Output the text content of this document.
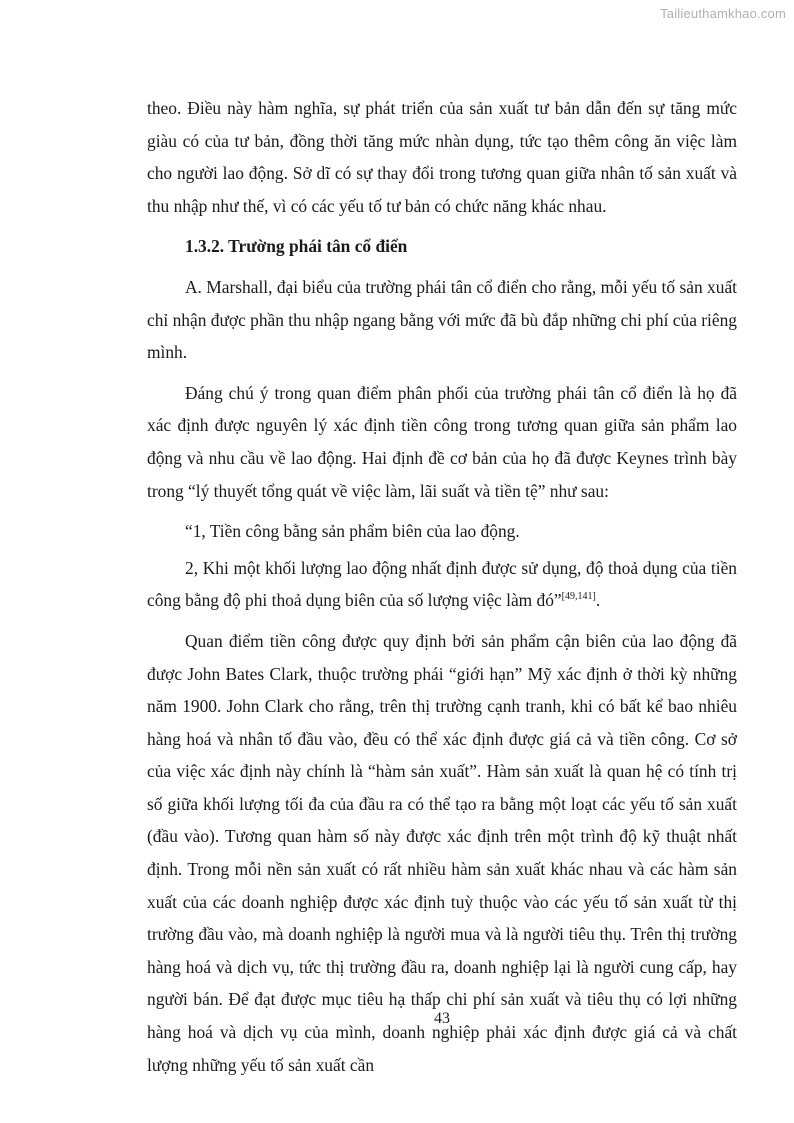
Tailieuthamkhao.com

theo. Điều này hàm nghĩa, sự phát triển của sản xuất tư bản dẫn đến sự tăng mức giàu có của tư bản, đồng thời tăng mức nhàn dụng, tức tạo thêm công ăn việc làm cho người lao động. Sở dĩ có sự thay đổi trong tương quan giữa nhân tố sản xuất và thu nhập như thế, vì có các yếu tố tư bản có chức năng khác nhau.

1.3.2. Trường phái tân cổ điển

A. Marshall, đại biểu của trường phái tân cổ điển cho rằng, mỗi yếu tố sản xuất chỉ nhận được phần thu nhập ngang bằng với mức đã bù đắp những chi phí của riêng mình.

Đáng chú ý trong quan điểm phân phối của trường phái tân cổ điển là họ đã xác định được nguyên lý xác định tiền công trong tương quan giữa sản phẩm lao động và nhu cầu về lao động. Hai định đề cơ bản của họ đã được Keynes trình bày trong “lý thuyết tổng quát về việc làm, lãi suất và tiền tệ” như sau:

“1, Tiền công bằng sản phẩm biên của lao động.

2, Khi một khối lượng lao động nhất định được sử dụng, độ thoả dụng của tiền công bằng độ phi thoả dụng biên của số lượng việc làm đó”[49,141].

Quan điểm tiền công được quy định bởi sản phẩm cận biên của lao động đã được John Bates Clark, thuộc trường phái “giới hạn” Mỹ xác định ở thời kỳ những năm 1900. John Clark cho rằng, trên thị trường cạnh tranh, khi có bất kể bao nhiêu hàng hoá và nhân tố đầu vào, đều có thể xác định được giá cả và tiền công. Cơ sở của việc xác định này chính là “hàm sản xuất”. Hàm sản xuất là quan hệ có tính trị số giữa khối lượng tối đa của đầu ra có thể tạo ra bằng một loạt các yếu tố sản xuất (đầu vào). Tương quan hàm số này được xác định trên một trình độ kỹ thuật nhất định. Trong mỗi nền sản xuất có rất nhiều hàm sản xuất khác nhau và các hàm sản xuất của các doanh nghiệp được xác định tuỳ thuộc vào các yếu tố sản xuất từ thị trường đầu vào, mà doanh nghiệp là người mua và là người tiêu thụ. Trên thị trường hàng hoá và dịch vụ, tức thị trường đầu ra, doanh nghiệp lại là người cung cấp, hay người bán. Để đạt được mục tiêu hạ thấp chi phí sản xuất và tiêu thụ có lợi những hàng hoá và dịch vụ của mình, doanh nghiệp phải xác định được giá cả và chất lượng những yếu tố sản xuất cần

43
